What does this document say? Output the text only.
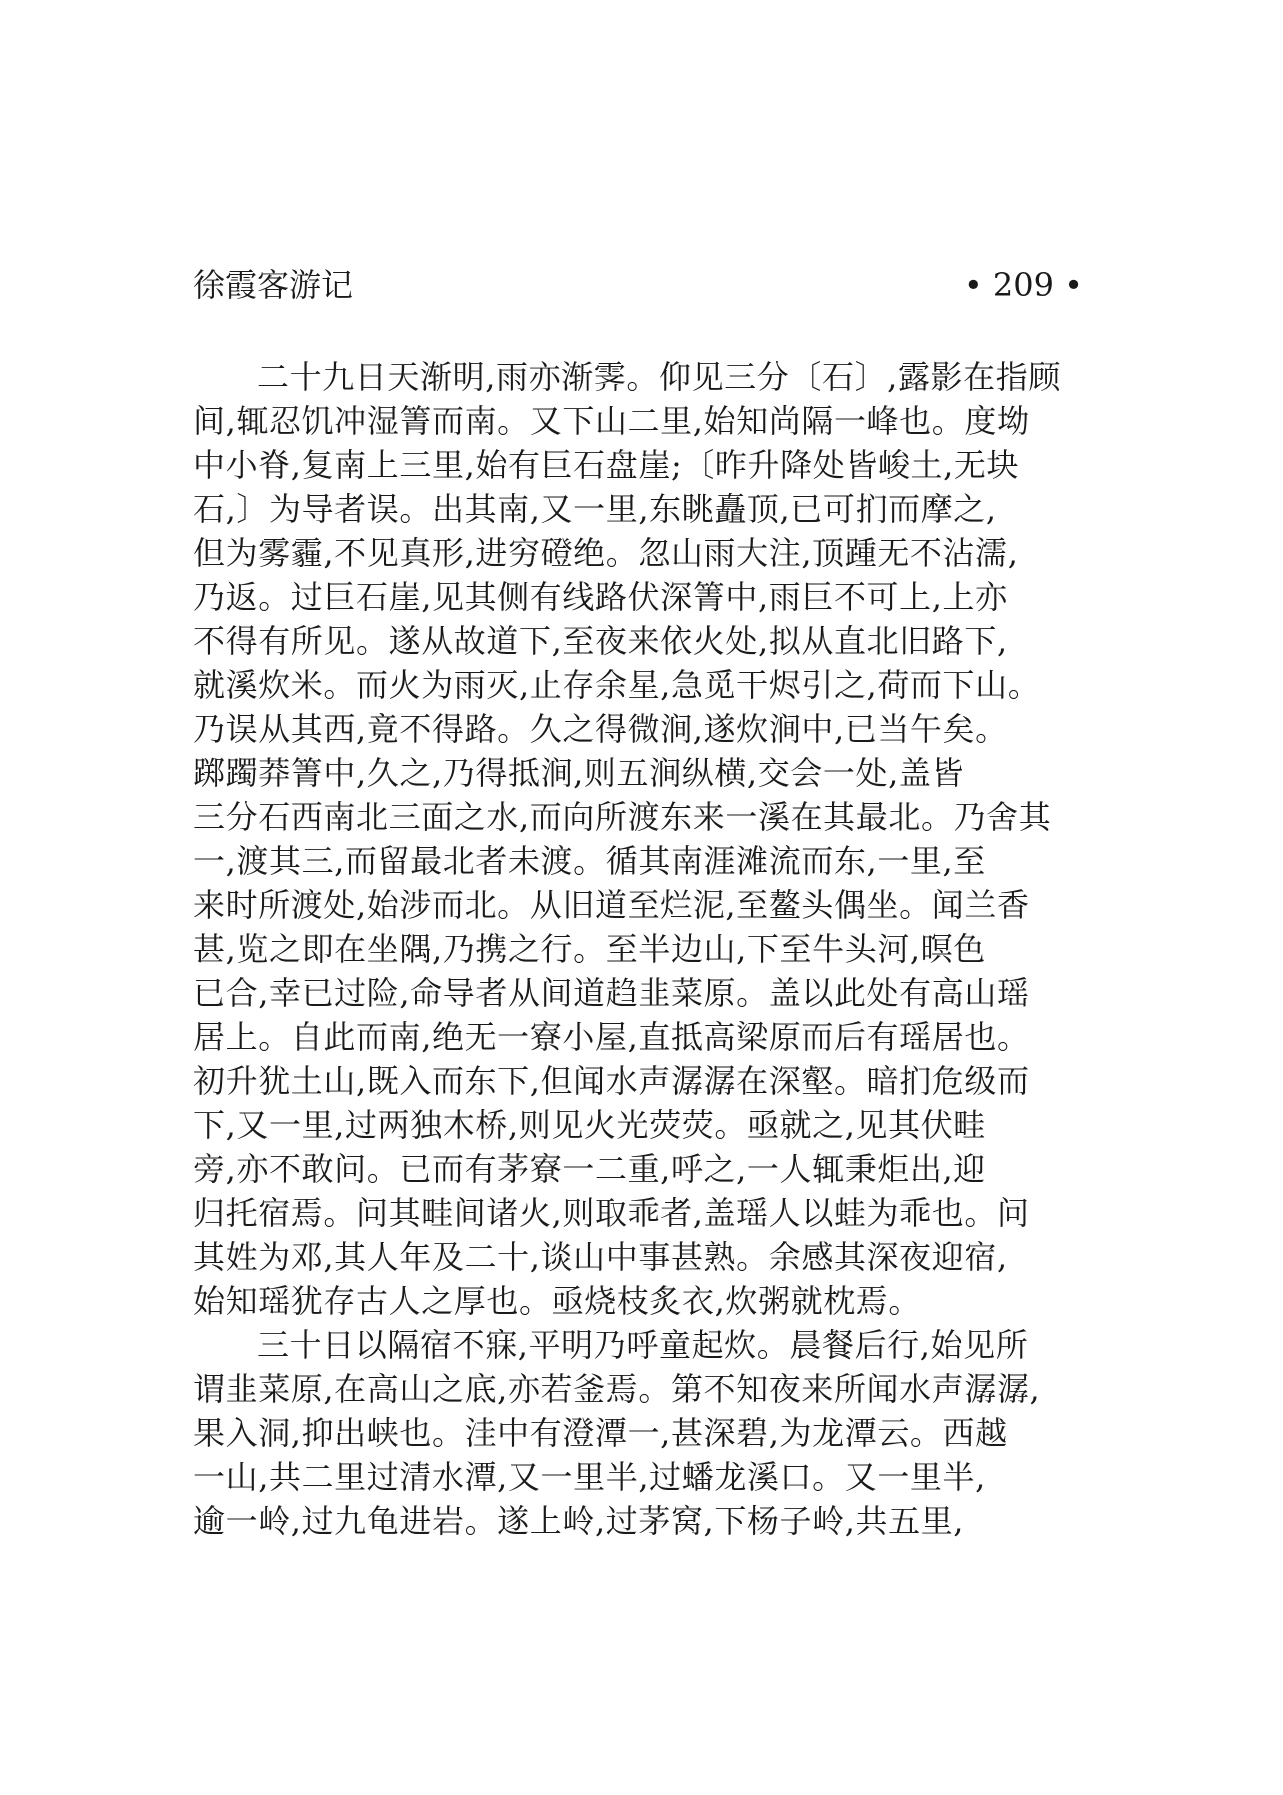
徐霞客游记	• 209 •
二十九日天渐明,雨亦渐霁。仰见三分〔石〕,露影在指顾
间,辄忍饥冲湿箐而南。又下山二里,始知尚隔一峰也。度坳
中小脊,复南上三里,始有巨石盘崖;〔昨升降处皆峻土,无块
石,〕为导者误。出其南,又一里,东眺矗顶,已可扪而摩之,
但为雾霾,不见真形,进穷磴绝。忽山雨大注,顶踵无不沾濡,
乃返。过巨石崖,见其侧有线路伏深箐中,雨巨不可上,上亦
不得有所见。遂从故道下,至夜来依火处,拟从直北旧路下,
就溪炊米。而火为雨灭,止存余星,急觅干烬引之,荷而下山。
乃误从其西,竟不得路。久之得微涧,遂炊涧中,已当午矣。
踯躅莽箐中,久之,乃得抵涧,则五涧纵横,交会一处,盖皆
三分石西南北三面之水,而向所渡东来一溪在其最北。乃舍其
一,渡其三,而留最北者未渡。循其南涯滩流而东,一里,至
来时所渡处,始涉而北。从旧道至烂泥,至鳌头偶坐。闻兰香
甚,览之即在坐隅,乃携之行。至半边山,下至牛头河,暝色
已合,幸已过险,命导者从间道趋韭菜原。盖以此处有高山瑶
居上。自此而南,绝无一寮小屋,直抵高梁原而后有瑶居也。
初升犹土山,既入而东下,但闻水声潺潺在深壑。暗扪危级而
下,又一里,过两独木桥,则见火光荧荧。亟就之,见其伏畦
旁,亦不敢问。已而有茅寮一二重,呼之,一人辄秉炬出,迎
归托宿焉。问其畦间诸火,则取乖者,盖瑶人以蛙为乖也。问
其姓为邓,其人年及二十,谈山中事甚熟。余感其深夜迎宿,
始知瑶犹存古人之厚也。亟烧枝炙衣,炊粥就枕焉。
三十日以隔宿不寐,平明乃呼童起炊。晨餐后行,始见所
谓韭菜原,在高山之底,亦若釜焉。第不知夜来所闻水声潺潺,
果入洞,抑出峡也。洼中有澄潭一,甚深碧,为龙潭云。西越
一山,共二里过清水潭,又一里半,过蟠龙溪口。又一里半,
逾一岭,过九龟进岩。遂上岭,过茅窝,下杨子岭,共五里,
